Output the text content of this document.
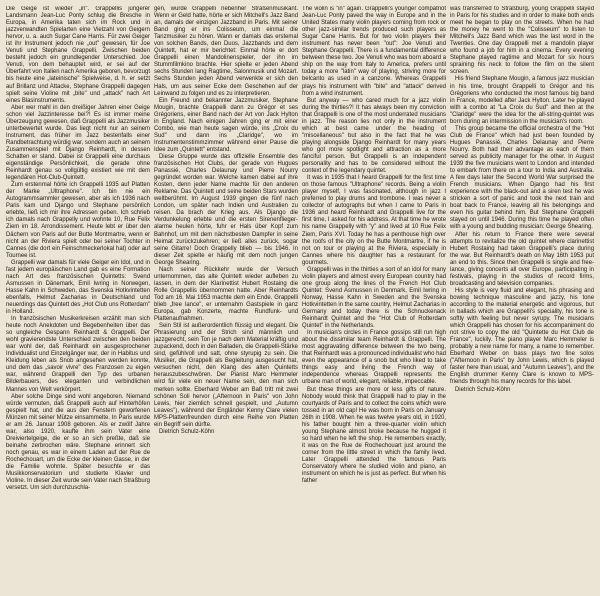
Die Geige ist wieder „in". Grappellis jüngerer Landsmann Jean-Luc Ponty schlug die Bresche in Europa, in Amerika taten sich im Rock und in jazzverwandten Spielarten eine Vielzahl von Geigern hervor, u. a. auch Sugar Cane Harris. Für zwei Geiger ist ihr Instrument jedoch nie „out" gewesen, für Joe Venuti und Stephane Grappelli. Zwischen beiden besteht jedoch ein grundlegender Unterschied. Joe Venuti, von dem behauptet wird, er sei auf der Überfahrt von Italien nach Amerika geboren, bevorzugt bis heute eine „lateinische" Spielweise, d. h. er setzt auf Brillanz und Attacke, Stephane Grappelli dagegen spielt seine Violine mit „bite" und „attack" nach Art eines Blasinstruments.

Aber wer mahl in den dreißiger Jahren einer Geige schon viel Jazzinteresse bei?! Es ist immer meine Überzeugung gewesen, daß Grappelli als Jazzmusiker unterbewertet wurde. Das liegt nicht nur an seinem Instrument, das früher im Jazz bestenfalls einer Randbetrachtung würdig war, sondern auch an seinem Zusammenspiel mit Django Reinhardt, in dessen Schatten er stand. Dabei ist Grappelli eine durchaus eigenständige Persönlichkeit, die gerade ohne Reinhardt genau so vollgültig existiert wie mit dem legendären Hot-Club-Quintett.

Zum erstenmal hörte ich Grappelli 1935 auf Platten der Marke „Ultraphone". Ich bin nie ein Autogrammsammler gewesen, aber als ich 1936 nach Paris kam und Django und Stephane persönlich erlebte, ließ ich mir ihre Adressen geben. Ich schrieb ich damals nach Grappelly und wohnte 10, Rue Felix Ziem im 18. Arrondissement. Heute lebt er über den Dächern von Paris auf der Butte Montmartre, wenn er nicht an der Riviera spielt oder bei seiner Tochter in Cannes (die dort ein Feinschmeckerlokal hat) oder auf Tournee ist.

Grappelli war damals für viele Geiger ein Idol, und in fast jedem europäischen Land gab es eine Formation nach Art des französischen Quintetts: Svend Asmussen in Dänemark, Emil Iwring in Norwegen, Hasse Kahn in Schweden, das Svenska Hotkvintetten ebenfalls, Helmut Zacharias in Deutschland und neuerdings das Quintett des „Hot Club uns Rotterdam" in Holland.

In französischen Musikerkreisen erzählt man sich heute noch Anekdoten und Begebenheiten über das so ungleiche Gespann Reinhardt & Grappelli. Der wohl gravierendste Unterschied zwischen den beiden war wohl der, daß Reinhardt ein ausgesprochener Individualist und Einzelgänger war, der in Habitus und Kleidung leben als Snob angesehen werden konnte, und dem das „savoir vivre" des Franzosen zu eigen war, während Grappelli den Typ des urbanen Bilderbauers, des eleganten und verbindlichen Mannes von Welt verkörpert.

Aber solche Dinge sind wohl angeboren. Niemand würde vermuten, daß Grappelli auch auf Hinterhöfen gespielt hat, und die aus den Fenstern geworfenen Münzen mit seiner Mütze einsammelte. In Paris wurde er am 26. Januar 1908 geboren. Als er zwölf Jahre war, also 1920, kaufte ihm sein Vater eine Dreiviertelgeige, die er so an sich preßte, daß sie beinahe zerbrochen wäre. Stephane erinnert sich noch genau, es war in einem Laden auf der Rue de Rochechouart, um die Ecke der kleinen Gasse, in der die Familie wohnte. Später besuchte er das Musikkonservatorium und studierte Klavier und Violine. In dieser Zeit wurde sein Vater nach Straßburg versetzt. Um sich durchzuschla-

gen, wurde Grappelli nebenher Straßenmusikant. Wenn er Geld hatte, hörte er sich Mitchell's Jazz Band an, damals der einzigen Jazzband in Paris. Mit seiner Band ging er ins Colisseum, um einmal die Tanzmusiker zu hören. Wann er damals das erstemal von solchen Bands, den Duos, Jazzbands und dem Quintett, hat er mir berichtet: Einmal hörte er dort Grappelli einen Mandolinenspieler, der ihn im Stummfilmkino brachte. Hier spielte er jeden Abend sechs Stunden lang Ragtime, Salonmusik und Mozart. Sechs Stunden jeden Abend verwenkte er sich den Hals, um aus seiner Ecke dem Geschehen auf der Leinwand zu folgen und es zu interpretieren.

Ein Freund und bekannter Jazzmusiker, Stephane Mougin, brachte Grappelli dann zu Grégor et ses Grégoriens, einer Band nach der Art von Jack Hylton in England. Nach einigen Jahren ging er mit einer Combo, wie man heute sagen würde, ins „Croix du Sud" und dann ins „Claridge", wo im Instrumentenstimmzimmer während einer Pause die Idee zum „Quintett" entstand.

Diese Gruppe wurde das offizielle Ensemble des französischen Hot Clubs, der gerade von Hugues Panassié, Charles Delaunay und Pierre Nourry gegründet worden war. Welche kamen dabei auf ihre Kosten, denn jeder Name machte für den anderen Reklame. Das Quintett und seine beiden Stars wurden weltberühmt. Im August 1939 gingen die fünf nach London, um später nach Indien und Australien zu reisen. Da brach der Krieg aus. Als Django die Verdunkelung erlebte und die ersten Sirenenflieger-alarme heulen hörte, fuhr er Hals über Kopf zum Bahnhof, um mit dem nächstbesten Dampfer in seine Heimat zurückzukehren; er ließ alles zurück, sogar seine Gitarre! Doch Grappelly blieb — bis 1946. In dieser Zeit spielte er häufig mit dem noch jungen George Shearing.

Nach seiner Rückkehr wurde der Versuch unternommen, das alte Quintett wieder aufleben zu lassen, in dem der Klarinettist Hubert Rostaing die Rolle Grappellis übernommen hatte. Aber Reinhardts Tod am 16. Mai 1953 machte dem ein Ende. Grappelli blieb „free lance", er unternahm Gastspiele in ganz Europa, gab Konzerte, machte Rundfunk- und Plattenaufnahmen.

Sein Stil ist außerordentlich flüssig und elegant. Die Phrasierung und der Strich sind männlich und jazzgerecht, sein Ton je nach dem Material kräftig und zupackend, doch in den Balladen, die Grappelli-Stärke sind, gefühlvoll und satt, ohne styrupig zu sein. Die Musiker, die Grappelli als Begleitung ausgesucht hat, versuchen nicht, den Klang des alten Quintetts herauszubeschwören. Der Pianist Marc Hemmeler wird für viele ein neuer Name sein, den man sich merken sollte. Eberhard Weber am Baß tritt mit zwei schönen Soli hervor („Afternoon in Paris" von John Lewis, hier ziemlich schnell gespielt, und „Autumn Leaves"), während der Engländer Kenny Clare vielen MPS-Plattenfreunden durch eine Reihe von Platten ein Begriff sein dürfte.

Dietrich Schulz-Köhn

The violin is "in" again. Grappelli's younger compatriot Jean-Luc Ponty paved the way in Europe and in the United States many violin players coming from rock or other jazz-similar trends produced such players as Sugar Cane Harris. But for two violin players their instrument has never been "out": Joe Venuti and Stephane Grappelli. There is a fundamental difference between these two. Joe Venuti who was born aboard a ship on the way from Italy to America, prefers until today a more "latin" way of playing, striving more for belcanto as used in a canzone. Whereas Grappelli plays his instrument with "bite" and "attack" derived from a wind instrument.

But anyway — who cared much for a jazz violin during the thirties?! It has always been my conviction that Grappelli is one of the most underrated musicians in jazz. The reason lies not only in the instrument which at best came under the heading of "miscellaneous" but also in the fact that he was playing alongside Django Reinhardt for many years who got more spotlight and attraction as a more fanciful person. But Grappelli is an independent personality and has to be considered without the context of the legendary quintet.

It was in 1935 that I heard Grappelli for the first time on those famous "Ultraphone" records. Being a violin player myself, I was fascinated, although in jazz I preferred to play drums and trombone. I was never a collector of autographs but when I came to Paris in 1936 and heard Reinhardt and Grappelli live for the first time, I asked for his address. At that time he wrote his name Grappelly with "y" and lived at 10 Rue Felix Ziem, Paris XVI. Today he has a penthouse high over the roofs of the city on the Butte Montmartre, if he is not on tour or playing at the Riviera, especially in Cannes where his daughter has a restaurant for gourmets.

Grappelli was in the thirties a sort of an idol for many violin players and almost every European country had one group along the lines of the French Hot Club Quintet: Svend Asmussen in Denmark, Emil Iwring in Norway, Hasse Kahn in Sweden and the Svenska Hotkvintetten in the same country, Helmut Zacharias in Germany and today there is the Schnuckenack Reinhardt Quintet and the "Hot Club of Rotterdam Quintet" in the Netherlands.

In musician's circles in France gossips still run high about the dissimilar team Reinhardt & Grappelli. The most aggravating difference between the two being, that Reinhardt was a pronounced individualist who had even the appearance of a snob but who liked to take things easy and living the French way of independence whereas Grappelli represents the urbane man of world, elegant, reliable, impeccable.

But these things are more or less gifts of nature. Nobody would think that Grappelli had to play in the courtyards of Paris and to collect the coins which were tossed in an old cap! He was born in Paris on January 26th in 1908. When he was twelve years old, in 1920, his father bought him a three-quarter violin which young Stephane almost broke because he hugged it so hard when he left the shop. He remembers exactly, it was on the Rue de Rochechouart just around the corner from the little street in which the family lived. Later Grappelli attended the famous Paris Conservatory where he studied violin and piano, an instrument on which he is just as perfect. But when his father

was transferred to Straßburg, young Grappelli stayed in Paris for his studies and in order to make both ends meet he began to play on the streets. When he had the money he went to the "Colisseum" to listen to Mitchell's Jazz Band which was the last word in the Twenties. One day Grappelli met a mandolin player who found a job for him in a cinema. Every evening Stephane played ragtime and Mozart for six hours spraining his neck to follow the film on the silent screen.

His friend Stephane Mougin, a famous jazz musician in his time, brought Grappelli to Grégor and his Grégoriens who conducted the most famous big band in France, modelled after Jack Hylton. Later he played with a combo at "La Croix du Sud" and then at the "Claridge" were the idea for the all-string-quintet was born during an intermission in the musician's room.

This group became the official orchestra of the "Hot Club de France" which had just been founded by Hugues Panassié, Charles Delaunay and Pierre Nourry. Both had their advantage as each of them served as publicity manager for the other. In August 1939 the five musicians went to London and intended to embark from there on a tour to India and Australia. A few days later the Second World War surprised the French musicians. When Django had his first experience with the black-out and a siren test he was stricken a sort of panic and took the next train and boat back to France, leaving all his belongings and even his guitar behind him. But Stephane Grappelli stayed on until 1946. During this time he played often with a young and budding musician: George Shearing.

After his return to France there were several attempts to revitalize the old quintet where clarinettist Hubert Rostaing had taken Grappelli's place during the war. But Reinhardt's death on May 16th 1953 put an end to this. Since then Grappelli is single and free-lance, giving concerts all over Europe, participating in festivals, playing in the studios of record firms, broadcasting and television companies.

His style is very fluid and elegant, his phrasing and bowing technique masculine and jazzy, his tone according to the material energetic and vigorous, but in ballads which are Grappelli's speciality, his tone is softly with feeling but never syrupy. The musicians which Grappelli has chosen for his accompaniment do not strive to copy the old "Quintette du Hot Club de France", luckily. The piano player Marc Hemmeler is probably a new name for many, a name to remember. Eberhard Weber on bass plays two fine solos ("Afternoon in Paris" by John Lewis, which is played faster here than usual, and "Autumn Leaves"), and the English drummer Kenny Clare is known to MPS-friends through his many records for this label.

Dietrich Schulz-Köhn
